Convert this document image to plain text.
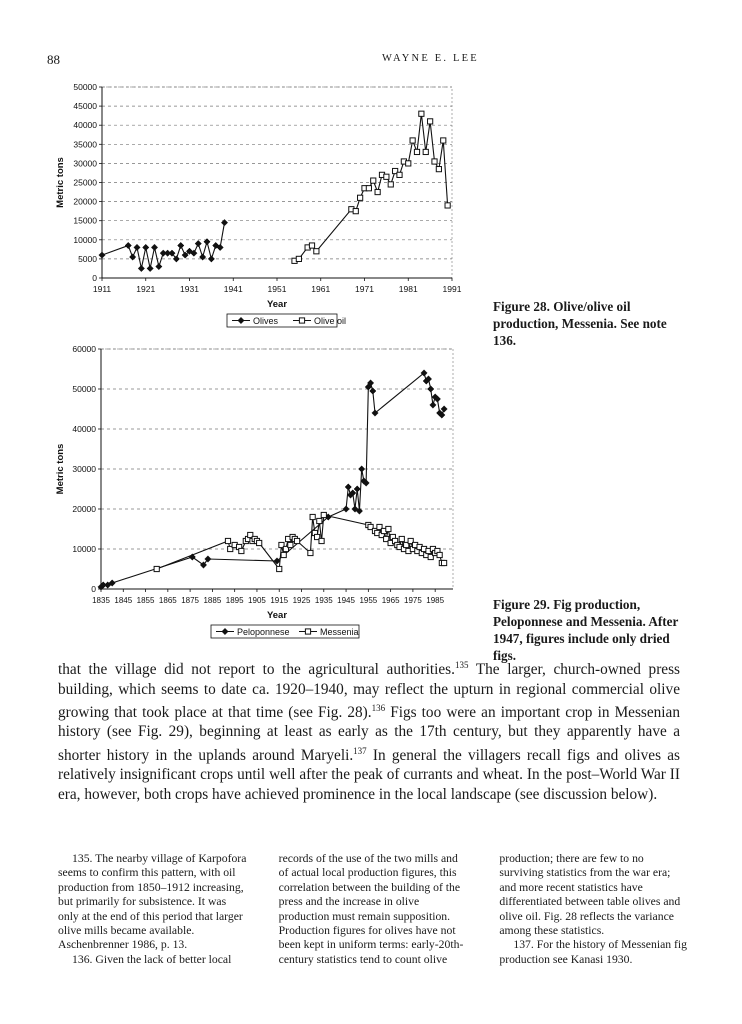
88	WAYNE E. LEE
0
5000
10000
15000
20000
25000
30000
35000
40000
45000
50000
1911	1921	1931	1941	1951	1961	1971	1981	1991
Metric tons
Year
Olives	Olive oil
0
10000
20000
30000
40000
50000
60000
1835 1845 1855 1865 1875 1885 1895 1905 1915 1925 1935 1945 1955 1965 1975 1985
Metric tons
Year
Peloponnese	Messenia
Figure 28. Olive/olive oil production, Messenia. See note 136.
Figure 29. Fig production, Peloponnese and Messenia. After 1947, figures include only dried figs.

that the village did not report to the agricultural authorities.$^{135}$ The larger, church-owned press building, which seems to date ca. 1920–1940, may reflect the upturn in regional commercial olive growing that took place at that time (see Fig. 28).$^{136}$ Figs too were an important crop in Messenian history (see Fig. 29), beginning at least as early as the 17th century, but they apparently have a shorter history in the uplands around Maryeli.$^{137}$ In general the villagers recall figs and olives as relatively insignificant crops until well after the peak of currants and wheat. In the post–World War II era, however, both crops have achieved prominence in the local landscape (see discussion below).

135. The nearby village of Karpofora seems to confirm this pattern, with oil production from 1850–1912 increasing, but primarily for subsistence. It was only at the end of this period that larger olive mills became available. Aschenbrenner 1986, p. 13.

136. Given the lack of better local

records of the use of the two mills and of actual local production figures, this correlation between the building of the press and the increase in olive production must remain supposition. Production figures for olives have not been kept in uniform terms: early-20th-century statistics tend to count olive

production; there are few to no surviving statistics from the war era; and more recent statistics have differentiated between table olives and olive oil. Fig. 28 reflects the variance among these statistics.

137. For the history of Messenian fig production see Kanasi 1930.
